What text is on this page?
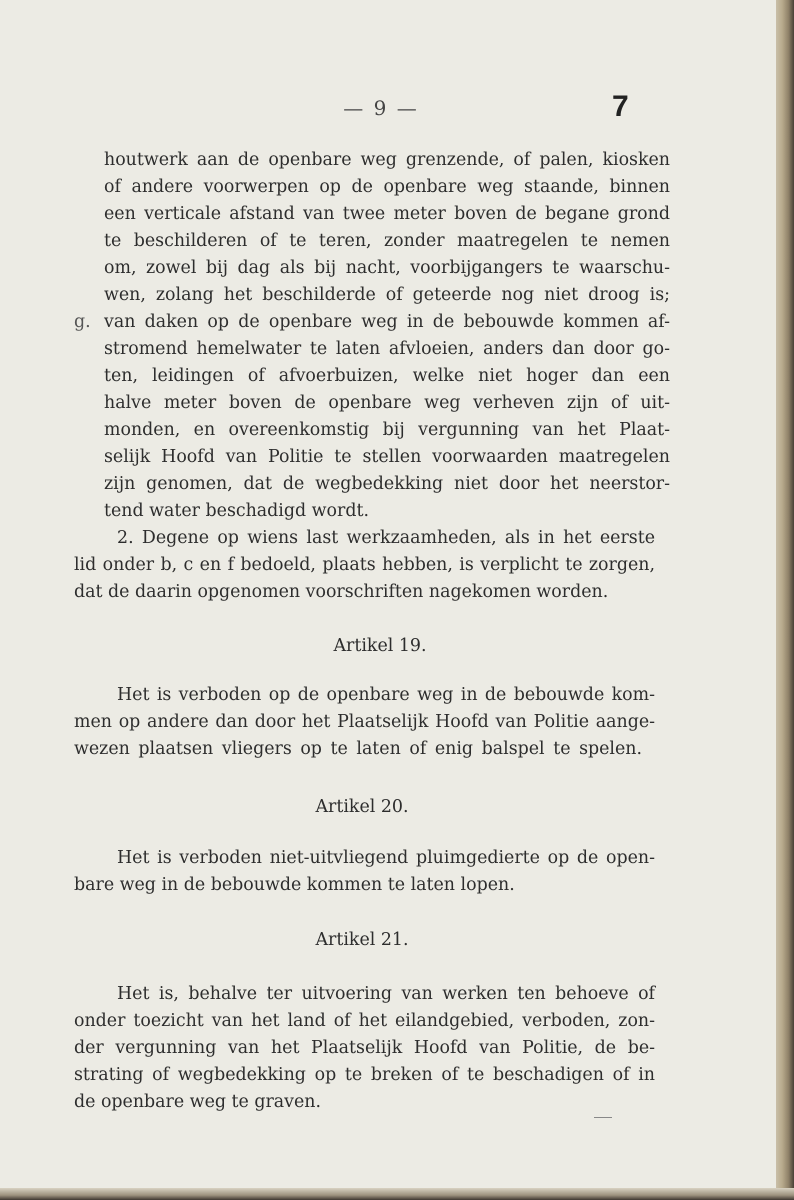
— 9 —	7
houtwerk aan de openbare weg grenzende, of palen, kiosken
of andere voorwerpen op de openbare weg staande, binnen
een verticale afstand van twee meter boven de begane grond
te beschilderen of te teren, zonder maatregelen te nemen
om, zowel bij dag als bij nacht, voorbijgangers te waarschu-
wen, zolang het beschilderde of geteerde nog niet droog is;
g. van daken op de openbare weg in de bebouwde kommen af-
stromend hemelwater te laten afvloeien, anders dan door go-
ten, leidingen of afvoerbuizen, welke niet hoger dan een
halve meter boven de openbare weg verheven zijn of uit-
monden, en overeenkomstig bij vergunning van het Plaat-
selijk Hoofd van Politie te stellen voorwaarden maatregelen
zijn genomen, dat de wegbedekking niet door het neerstor-
tend water beschadigd wordt.
2. Degene op wiens last werkzaamheden, als in het eerste
lid onder b, c en f bedoeld, plaats hebben, is verplicht te zorgen,
dat de daarin opgenomen voorschriften nagekomen worden.
Artikel 19.
Het is verboden op de openbare weg in de bebouwde kom-
men op andere dan door het Plaatselijk Hoofd van Politie aange-
wezen plaatsen vliegers op te laten of enig balspel te spelen.
Artikel 20.
Het is verboden niet-uitvliegend pluimgedierte op de open-
bare weg in de bebouwde kommen te laten lopen.
Artikel 21.
Het is, behalve ter uitvoering van werken ten behoeve of
onder toezicht van het land of het eilandgebied, verboden, zon-
der vergunning van het Plaatselijk Hoofd van Politie, de be-
strating of wegbedekking op te breken of te beschadigen of in
de openbare weg te graven.
